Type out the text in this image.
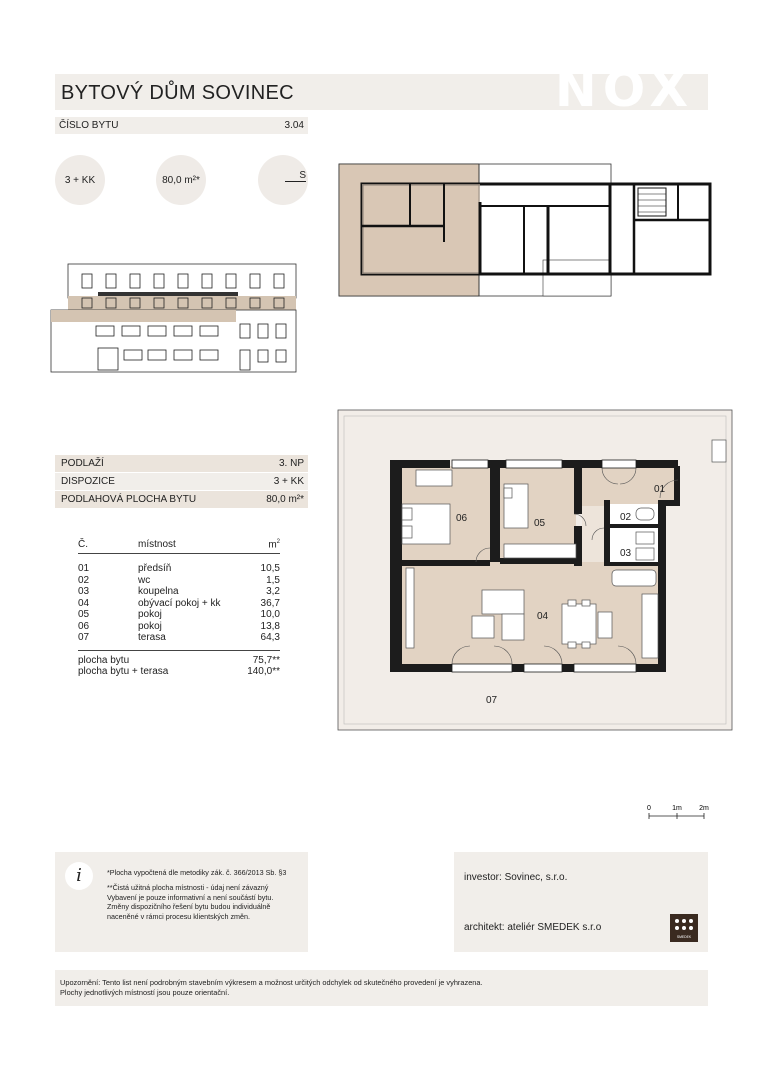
BYTOVÝ DŮM SOVINEC	NOX
ČÍSLO BYTU	3.04
3 + KK	80,0 m²*	S
PODLAŽÍ	3. NP
DISPOZICE	3 + KK
PODLAHOVÁ PLOCHA BYTU	80,0 m²*
Č.	místnost	$m^2$
01	předsíň	10,5
02	wc	1,5
03	koupelna	3,2
04	obývací pokoj + kk	36,7
05	pokoj	10,0
06	pokoj	13,8
07	terasa	64,3
plocha bytu	75,7**
plocha bytu + terasa	140,0**
06	05
04
01
02
03
07
0	1m 2m
i	*Plocha vypočtená dle metodiky zák. č. 366/2013 Sb. §3
**Čistá užitná plocha místnosti - údaj není závazný
Vybavení je pouze informativní a není součástí bytu.
Změny dispozičního řešení bytu budou individuálně
naceněné v rámci procesu klientských změn.
investor: Sovinec, s.r.o.
architekt: ateliér SMEDEK s.r.o
SMEDEK
Upozornění: Tento list není podrobným stavebním výkresem a možnost určitých odchylek od skutečného provedení je vyhrazena.
Plochy jednotlivých místností jsou pouze orientační.
